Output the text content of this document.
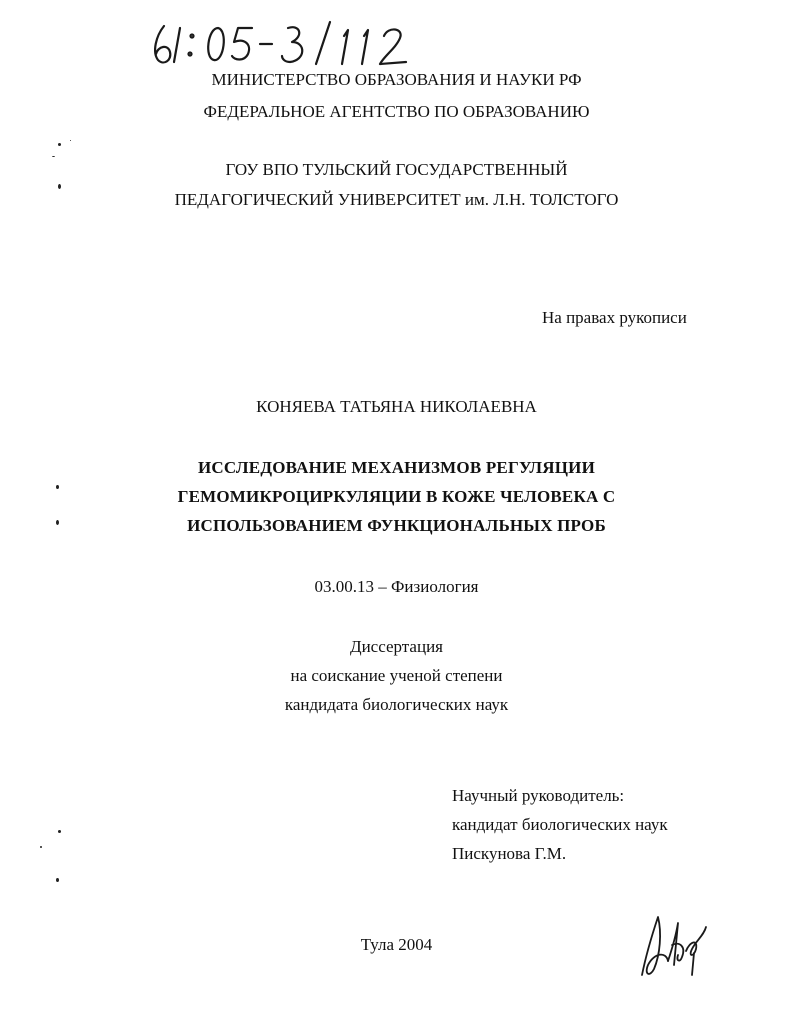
МИНИСТЕРСТВО ОБРАЗОВАНИЯ И НАУКИ РФ
ФЕДЕРАЛЬНОЕ АГЕНТСТВО ПО ОБРАЗОВАНИЮ
ГОУ ВПО ТУЛЬСКИЙ ГОСУДАРСТВЕННЫЙ
ПЕДАГОГИЧЕСКИЙ УНИВЕРСИТЕТ им. Л.Н. ТОЛСТОГО
На правах рукописи
КОНЯЕВА ТАТЬЯНА НИКОЛАЕВНА
ИССЛЕДОВАНИЕ МЕХАНИЗМОВ РЕГУЛЯЦИИ
ГЕМОМИКРОЦИРКУЛЯЦИИ В КОЖЕ ЧЕЛОВЕКА С
ИСПОЛЬЗОВАНИЕМ ФУНКЦИОНАЛЬНЫХ ПРОБ
03.00.13 – Физиология
Диссертация
на соискание ученой степени
кандидата биологических наук
Научный руководитель:
кандидат биологических наук
Пискунова Г.М.
Тула 2004
